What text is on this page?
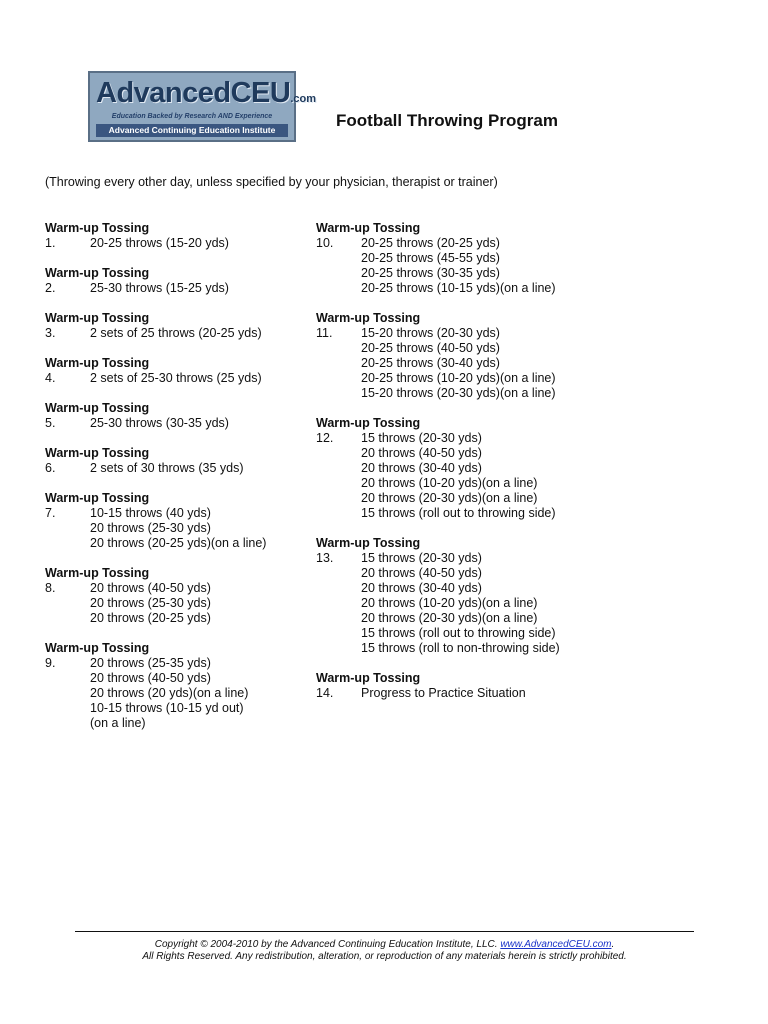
AdvancedCEU.com
Education Backed by Research AND Experience
Advanced Continuing Education Institute	Football Throwing Program
(Throwing every other day, unless specified by your physician, therapist or trainer)
Warm-up Tossing
1.	20-25 throws (15-20 yds)
Warm-up Tossing
2.	25-30 throws (15-25 yds)
Warm-up Tossing
3.	2 sets of 25 throws (20-25 yds)
Warm-up Tossing
4.	2 sets of 25-30 throws (25 yds)
Warm-up Tossing
5.	25-30 throws (30-35 yds)
Warm-up Tossing
6.	2 sets of 30 throws (35 yds)
Warm-up Tossing
7.	10-15 throws (40 yds)
20 throws (25-30 yds)
20 throws (20-25 yds)(on a line)
Warm-up Tossing
8.	20 throws (40-50 yds)
20 throws (25-30 yds)
20 throws (20-25 yds)
Warm-up Tossing
9.	20 throws (25-35 yds)
20 throws (40-50 yds)
20 throws (20 yds)(on a line)
10-15 throws (10-15 yd out)
(on a line)
Warm-up Tossing
10. 20-25 throws (20-25 yds)
20-25 throws (45-55 yds)
20-25 throws (30-35 yds)
20-25 throws (10-15 yds)(on a line)
Warm-up Tossing
11. 15-20 throws (20-30 yds)
20-25 throws (40-50 yds)
20-25 throws (30-40 yds)
20-25 throws (10-20 yds)(on a line)
15-20 throws (20-30 yds)(on a line)
Warm-up Tossing
12. 15 throws (20-30 yds)
20 throws (40-50 yds)
20 throws (30-40 yds)
20 throws (10-20 yds)(on a line)
20 throws (20-30 yds)(on a line)
15 throws (roll out to throwing side)
Warm-up Tossing
13. 15 throws (20-30 yds)
20 throws (40-50 yds)
20 throws (30-40 yds)
20 throws (10-20 yds)(on a line)
20 throws (20-30 yds)(on a line)
15 throws (roll out to throwing side)
15 throws (roll to non-throwing side)
Warm-up Tossing
14. Progress to Practice Situation
Copyright © 2004-2010 by the Advanced Continuing Education Institute, LLC. www.AdvancedCEU.com.
All Rights Reserved. Any redistribution, alteration, or reproduction of any materials herein is strictly prohibited.
